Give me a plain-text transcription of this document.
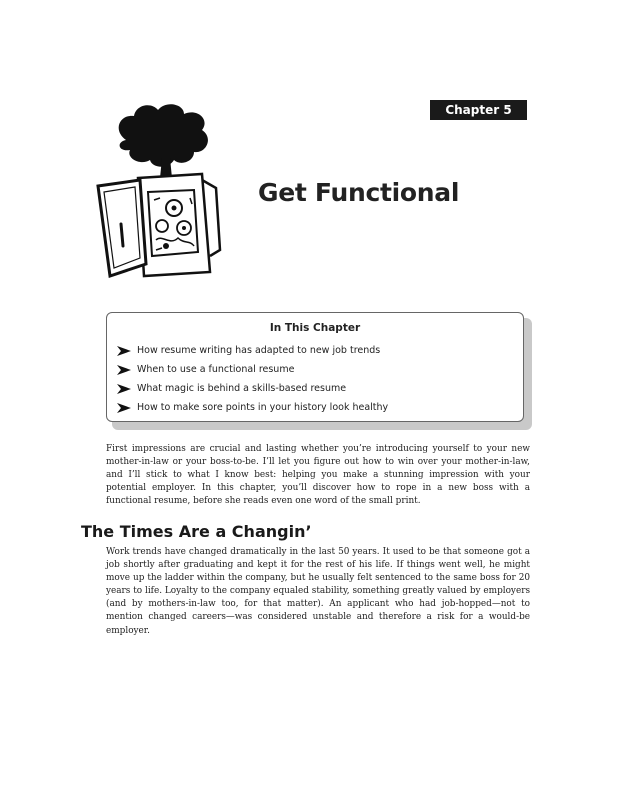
Chapter 5
Get Functional
In This Chapter
How resume writing has adapted to new job trends
When to use a functional resume
What magic is behind a skills-based resume
How to make sore points in your history look healthy

First impressions are crucial and lasting whether you’re introducing yourself to your new mother-in-law or your boss-to-be. I’ll let you figure out how to win over your mother-in-law, and I’ll stick to what I know best: helping you make a stunning impression with your potential employer. In this chapter, you’ll discover how to rope in a new boss with a functional resume, before she reads even one word of the small print.

The Times Are a Changin’

Work trends have changed dramatically in the last 50 years. It used to be that someone got a job shortly after graduating and kept it for the rest of his life. If things went well, he might move up the ladder within the company, but he usually felt sentenced to the same boss for 20 years to life. Loyalty to the company equaled stability, something greatly valued by employers (and by mothers-in-law too, for that matter). An applicant who had job-hopped—not to mention changed careers—was considered unstable and therefore a risk for a would-be employer.
